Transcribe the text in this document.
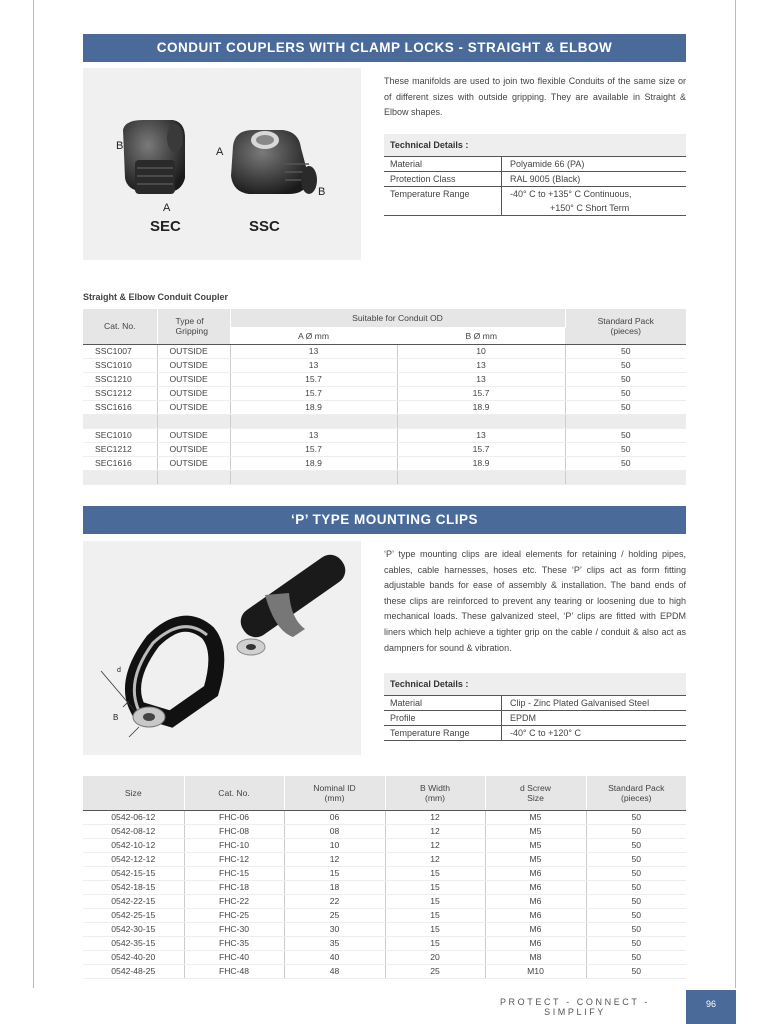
CONDUIT COUPLERS WITH CLAMP LOCKS - STRAIGHT & ELBOW
B
A
A
B
SEC	SSC

These manifolds are used to join two flexible Conduits of the same size or of different sizes with outside gripping. They are available in Straight & Elbow shapes.

Technical Details :
Material	Polyamide 66 (PA)
Protection Class	RAL 9005 (Black)
Temperature Range	-40° C to +135° C Continuous,
+150° C Short Term
Straight & Elbow Conduit Coupler
Cat. No.	Type of Gripping	Suitable for Conduit OD		Standard Pack (pieces)
		A Ø mm	B Ø mm	
SSC1007	OUTSIDE	13	10	50
SSC1010	OUTSIDE	13	13	50
SSC1210	OUTSIDE	15.7	13	50
SSC1212	OUTSIDE	15.7	15.7	50
SSC1616	OUTSIDE	18.9	18.9	50

SEC1010	OUTSIDE	13	13	50
SEC1212	OUTSIDE	15.7	15.7	50
SEC1616	OUTSIDE	18.9	18.9	50

‘P’ TYPE MOUNTING CLIPS
d
B

‘P’ type mounting clips are ideal elements for retaining / holding pipes, cables, cable harnesses, hoses etc. These ‘P’ clips act as form fitting adjustable bands for ease of assembly & installation. The band ends of these clips are reinforced to prevent any tearing or loosening due to high mechanical loads. These galvanized steel, ‘P’ clips are fitted with EPDM liners which help achieve a tighter grip on the cable / conduit & also act as dampners for sound & vibration.

Technical Details :
Material	Clip - Zinc Plated Galvanised Steel
Profile	EPDM
Temperature Range	-40° C to +120° C
Size	Cat. No.	Nominal ID (mm)	B Width (mm)	d Screw Size	Standard Pack (pieces)
0542-06-12	FHC-06	06	12	M5	50
0542-08-12	FHC-08	08	12	M5	50
0542-10-12	FHC-10	10	12	M5	50
0542-12-12	FHC-12	12	12	M5	50
0542-15-15	FHC-15	15	15	M6	50
0542-18-15	FHC-18	18	15	M6	50
0542-22-15	FHC-22	22	15	M6	50
0542-25-15	FHC-25	25	15	M6	50
0542-30-15	FHC-30	30	15	M6	50
0542-35-15	FHC-35	35	15	M6	50
0542-40-20	FHC-40	40	20	M8	50
0542-48-25	FHC-48	48	25	M10	50
PROTECT - CONNECT - SIMPLIFY
96
